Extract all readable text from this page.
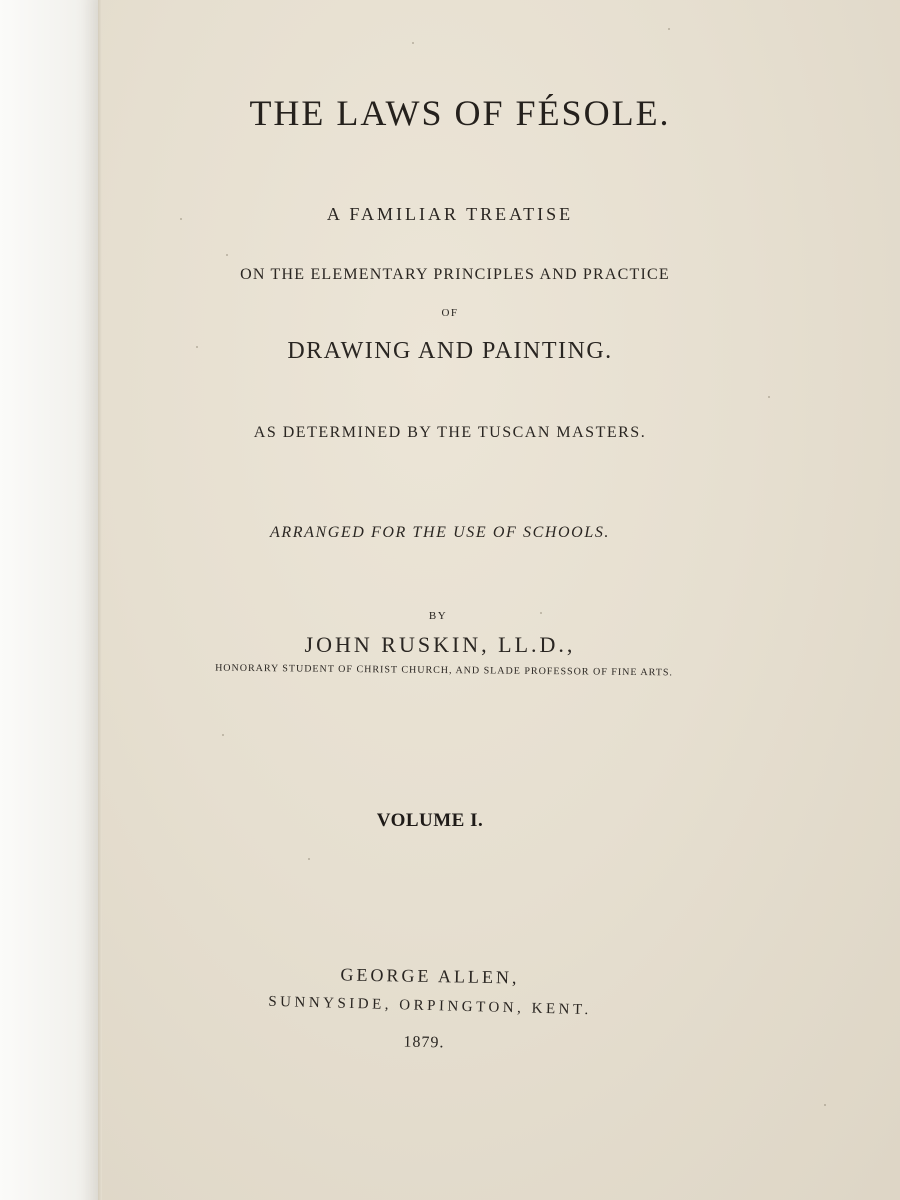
THE LAWS OF FÉSOLE.
A FAMILIAR TREATISE
ON THE ELEMENTARY PRINCIPLES AND PRACTICE
OF
DRAWING AND PAINTING.
AS DETERMINED BY THE TUSCAN MASTERS.
ARRANGED FOR THE USE OF SCHOOLS.
BY
JOHN RUSKIN, LL.D.,
HONORARY STUDENT OF CHRIST CHURCH, AND SLADE PROFESSOR OF FINE ARTS.
VOLUME I.
GEORGE ALLEN,
SUNNYSIDE, ORPINGTON, KENT.
1879.
